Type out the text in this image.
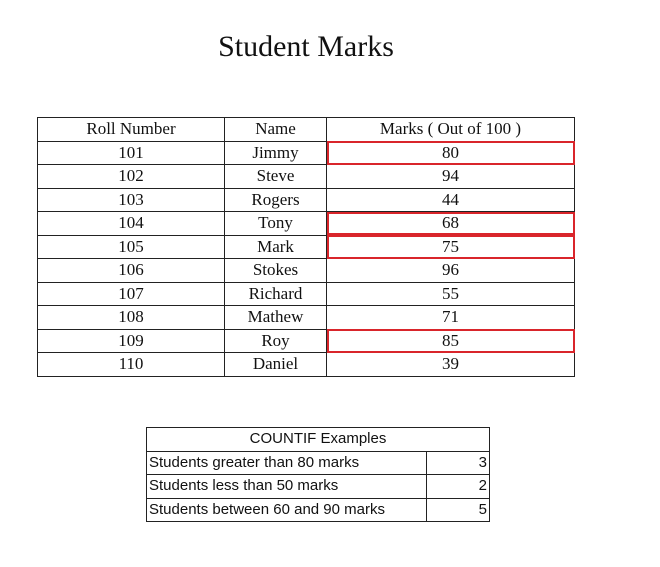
Student Marks
Roll Number	Name	Marks ( Out of 100 )
101	Jimmy	80
102	Steve	94
103	Rogers	44
104	Tony	68
105	Mark	75
106	Stokes	96
107	Richard	55
108	Mathew	71
109	Roy	85
110	Daniel	39
COUNTIF Examples	
Students greater than 80 marks	3
Students less than 50 marks	2
Students between 60 and 90 marks	5
